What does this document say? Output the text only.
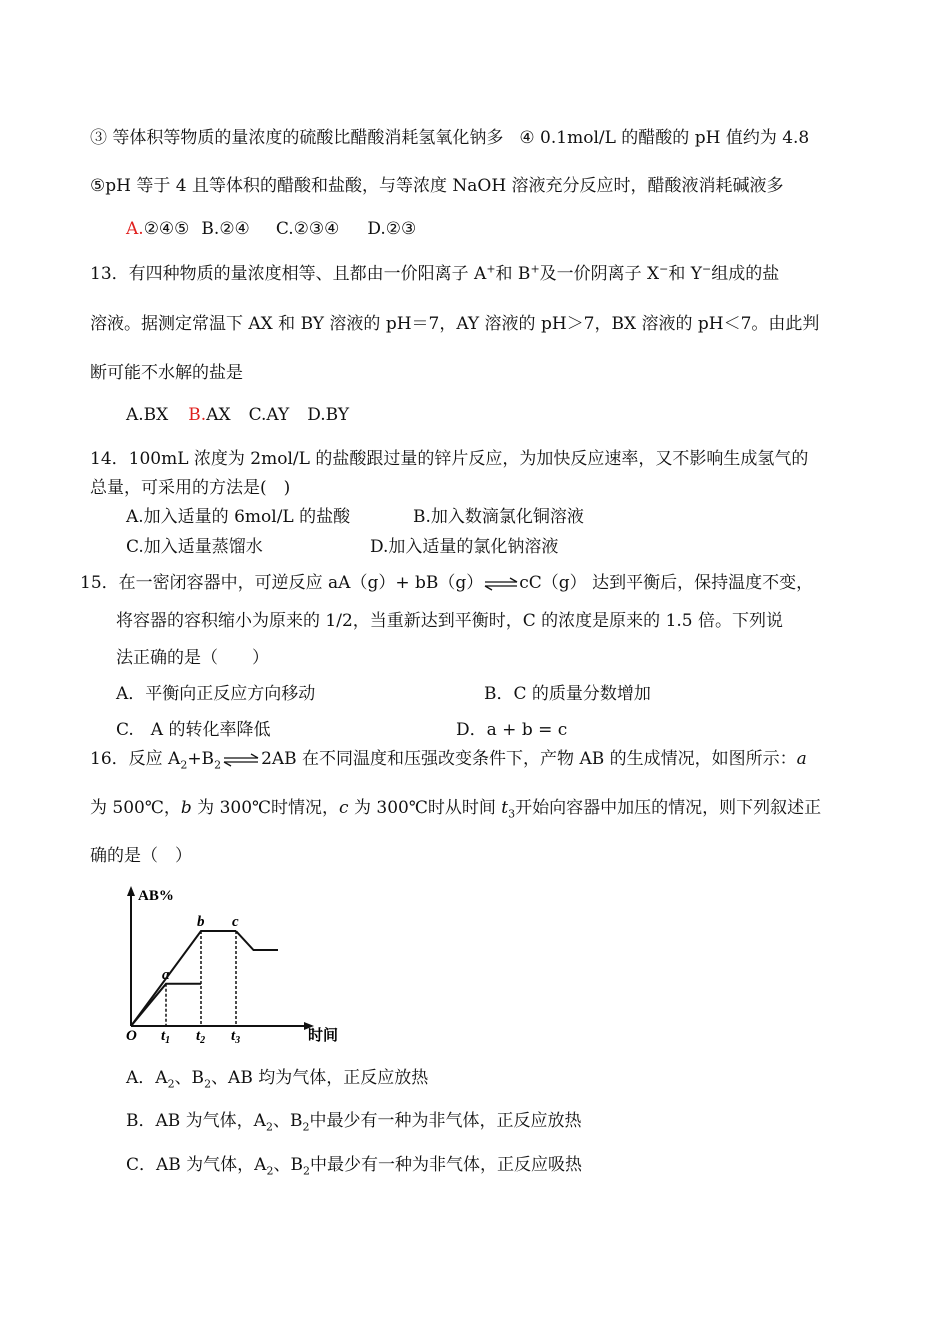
③ 等体积等物质的量浓度的硫酸比醋酸消耗氢氧化钠多 ④ 0.1mol/L 的醋酸的 pH 值约为 4.8
⑤pH 等于 4 且等体积的醋酸和盐酸，与等浓度 NaOH 溶液充分反应时，醋酸液消耗碱液多
A.②④⑤ B.②④ C.②③④ D.②③
13．有四种物质的量浓度相等、且都由一价阳离子 A+和 B+及一价阴离子 X−和 Y−组成的盐
溶液。据测定常温下 AX 和 BY 溶液的 pH＝7，AY 溶液的 pH＞7，BX 溶液的 pH＜7。由此判
断可能不水解的盐是
A.BX B.AX C.AY D.BY
14．100mL 浓度为 2mol/L 的盐酸跟过量的锌片反应，为加快反应速率，又不影响生成氢气的
总量，可采用的方法是(　)
A.加入适量的 6mol/L 的盐酸	B.加入数滴氯化铜溶液
C.加入适量蒸馏水	D.加入适量的氯化钠溶液
15．在一密闭容器中，可逆反应 aA（g）+ bB（g）⇌cC（g） 达到平衡后，保持温度不变，
将容器的容积缩小为原来的 1/2，当重新达到平衡时，C 的浓度是原来的 1.5 倍。下列说
法正确的是（　　）
A．平衡向正反应方向移动	B．C 的质量分数增加
C.　A 的转化率降低	D．a + b = c
16．反应 $A_2+B_2$ ⇌ 2AB 在不同温度和压强改变条件下，产物 AB 的生成情况，如图所示：a
为 500℃，b 为 300℃时情况，c 为 300℃时从时间 $t_3$开始向容器中加压的情况，则下列叙述正
确的是（　）
AB%
时间
O
a
b c
$t_1$ $t_2$ $t_3$
A．$A_2$、$B_2$、AB 均为气体，正反应放热
B．AB 为气体，$A_2$、$B_2$中最少有一种为非气体，正反应放热
C．AB 为气体，$A_2$、$B_2$中最少有一种为非气体，正反应吸热
